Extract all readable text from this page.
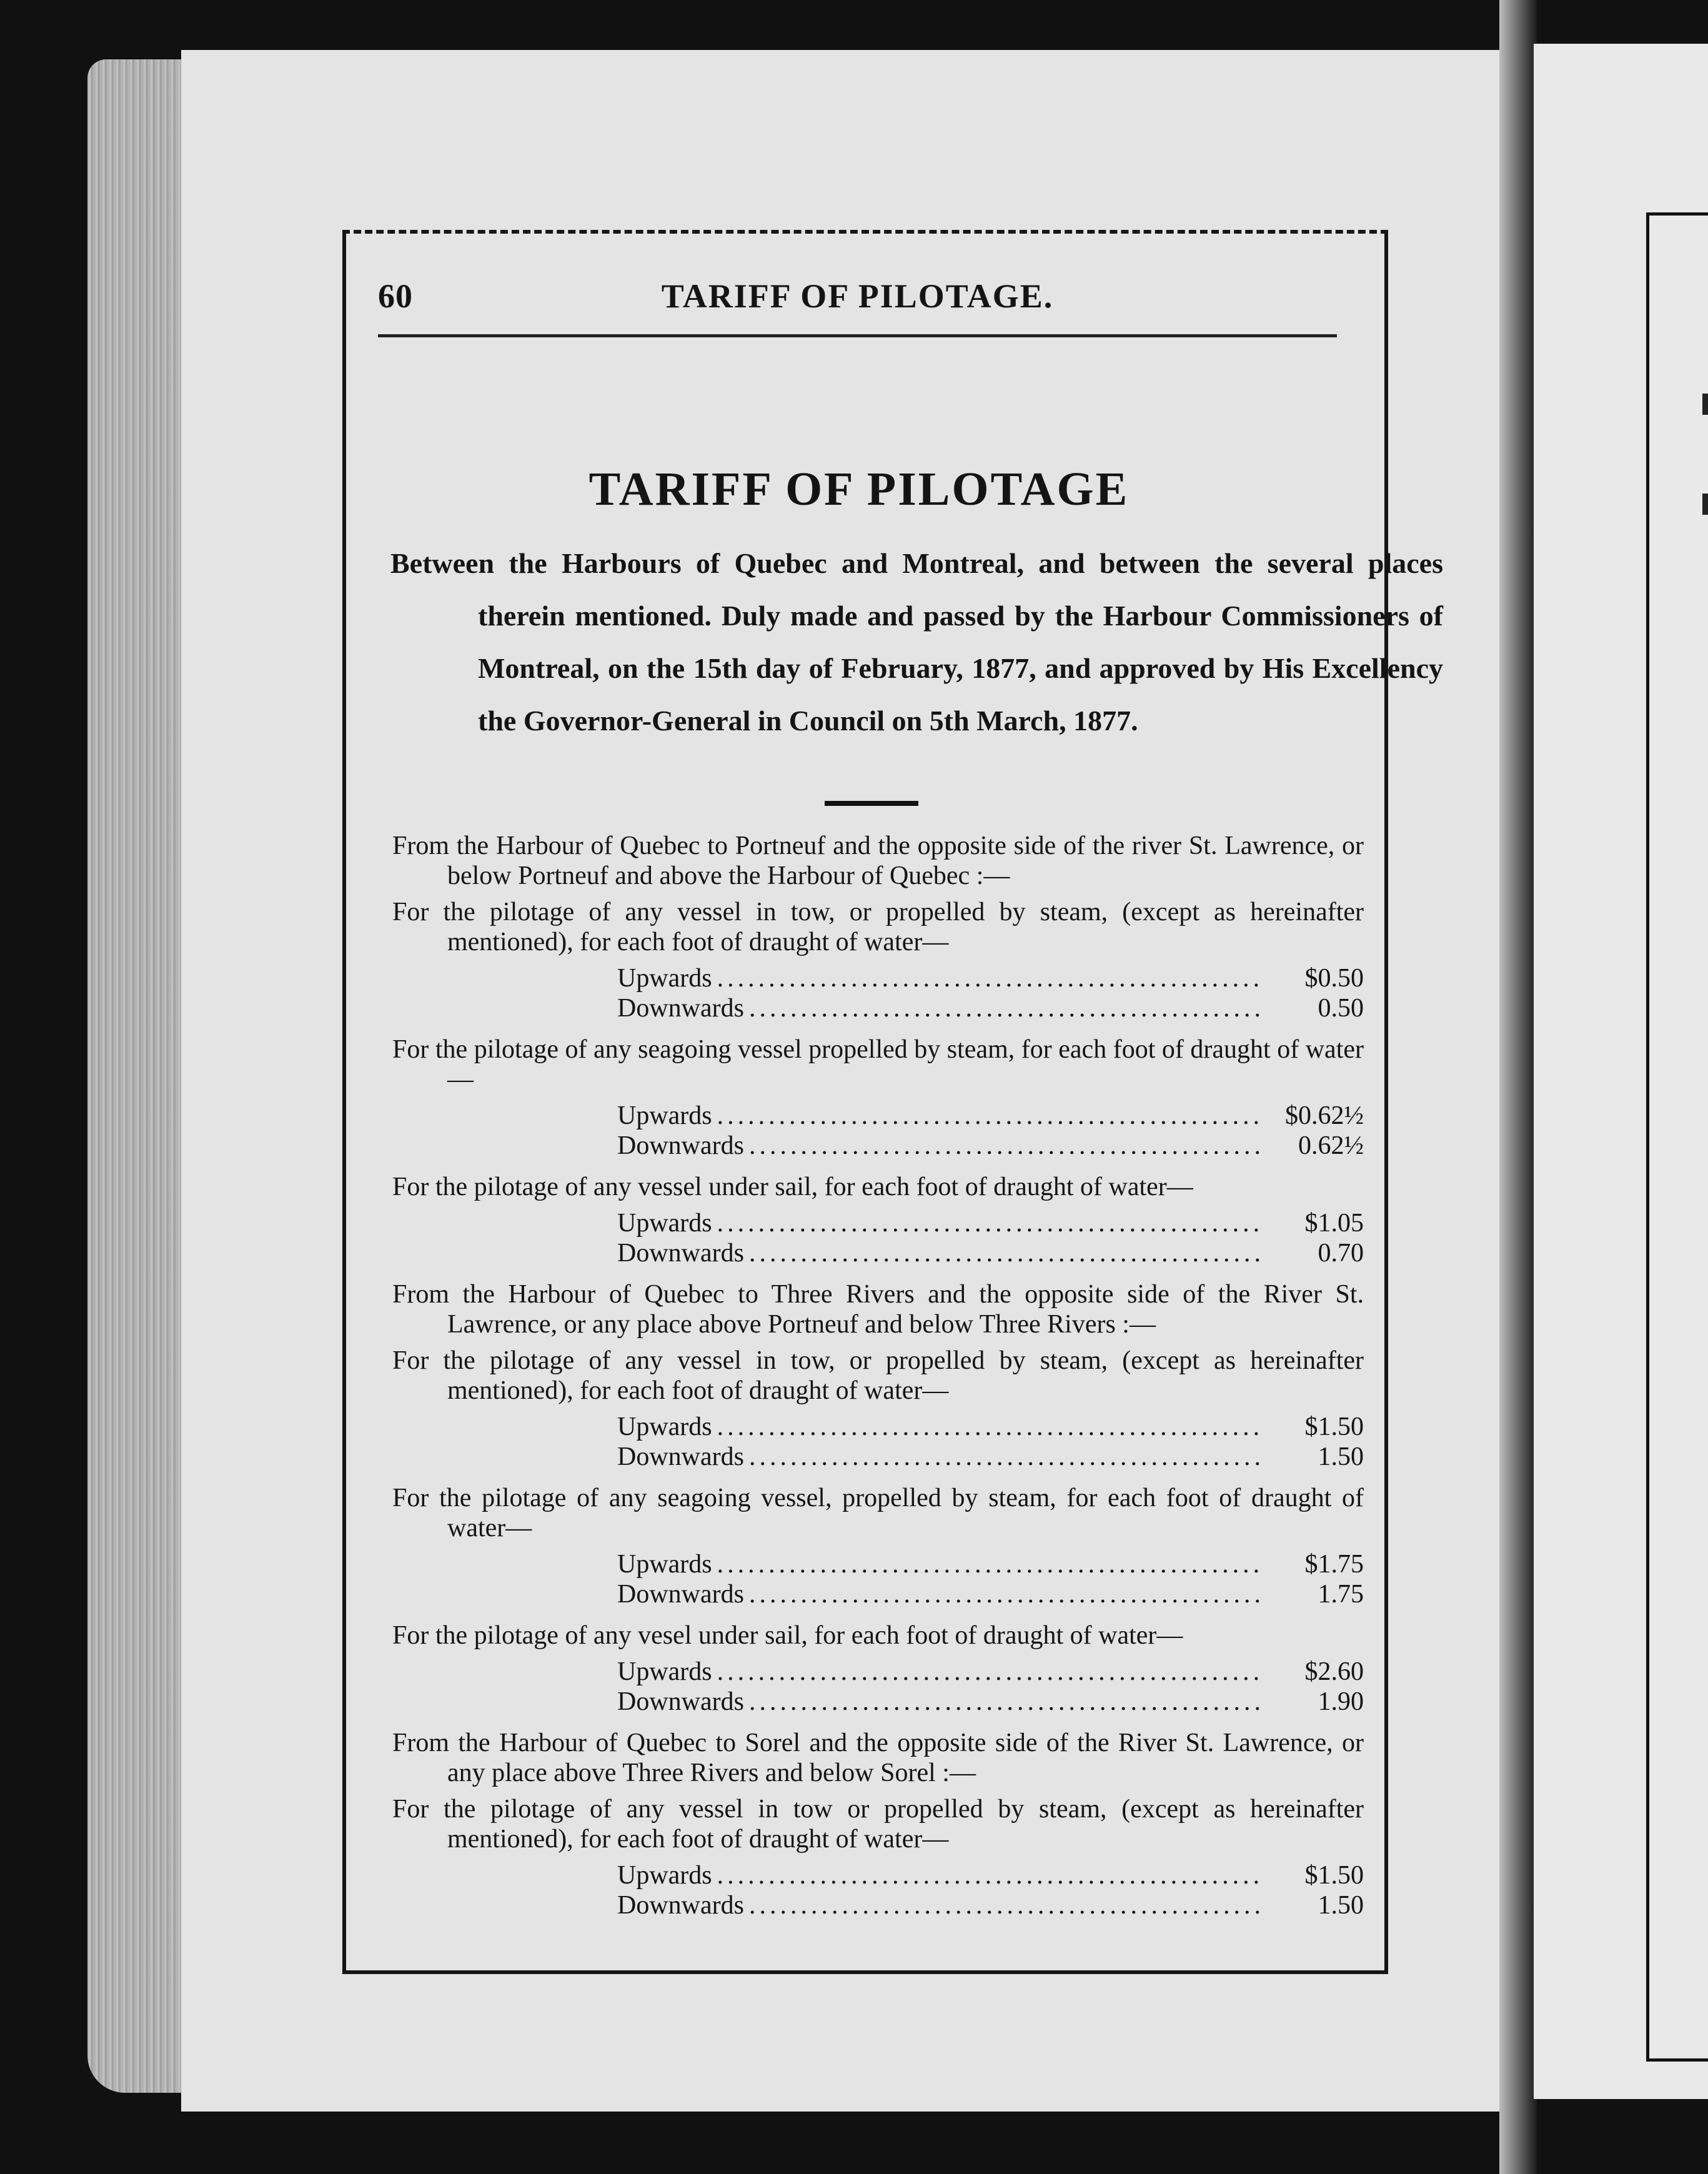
60	TARIFF OF PILOTAGE.
TARIFF OF PILOTAGE
Between the Harbours of Quebec and Montreal, and between the several places therein mentioned. Duly made and passed by the Harbour Commissioners of Montreal, on the 15th day of February, 1877, and approved by His Excellency the Governor-General in Council on 5th March, 1877.
From the Harbour of Quebec to Portneuf and the opposite side of the river St. Lawrence, or below Portneuf and above the Harbour of Quebec :—
For the pilotage of any vessel in tow, or propelled by steam, (except as hereinafter mentioned), for each foot of draught of water—
Upwards .....	$0.50
Downwards .....	0.50
For the pilotage of any seagoing vessel propelled by steam, for each foot of draught of water—
Upwards .....	$0.62½
Downwards .....	0.62½
For the pilotage of any vessel under sail, for each foot of draught of water—
Upwards .....	$1.05
Downwards .....	0.70
From the Harbour of Quebec to Three Rivers and the opposite side of the River St. Lawrence, or any place above Portneuf and below Three Rivers :—
For the pilotage of any vessel in tow, or propelled by steam, (except as hereinafter mentioned), for each foot of draught of water—
Upwards .....	$1.50
Downwards .....	1.50
For the pilotage of any seagoing vessel, propelled by steam, for each foot of draught of water—
Upwards .....	$1.75
Downwards .....	1.75
For the pilotage of any vesel under sail, for each foot of draught of water—
Upwards .....	$2.60
Downwards .....	1.90
From the Harbour of Quebec to Sorel and the opposite side of the River St. Lawrence, or any place above Three Rivers and below Sorel :—
For the pilotage of any vessel in tow or propelled by steam, (except as hereinafter mentioned), for each foot of draught of water—
Upwards .....	$1.50
Downwards .....	1.50
